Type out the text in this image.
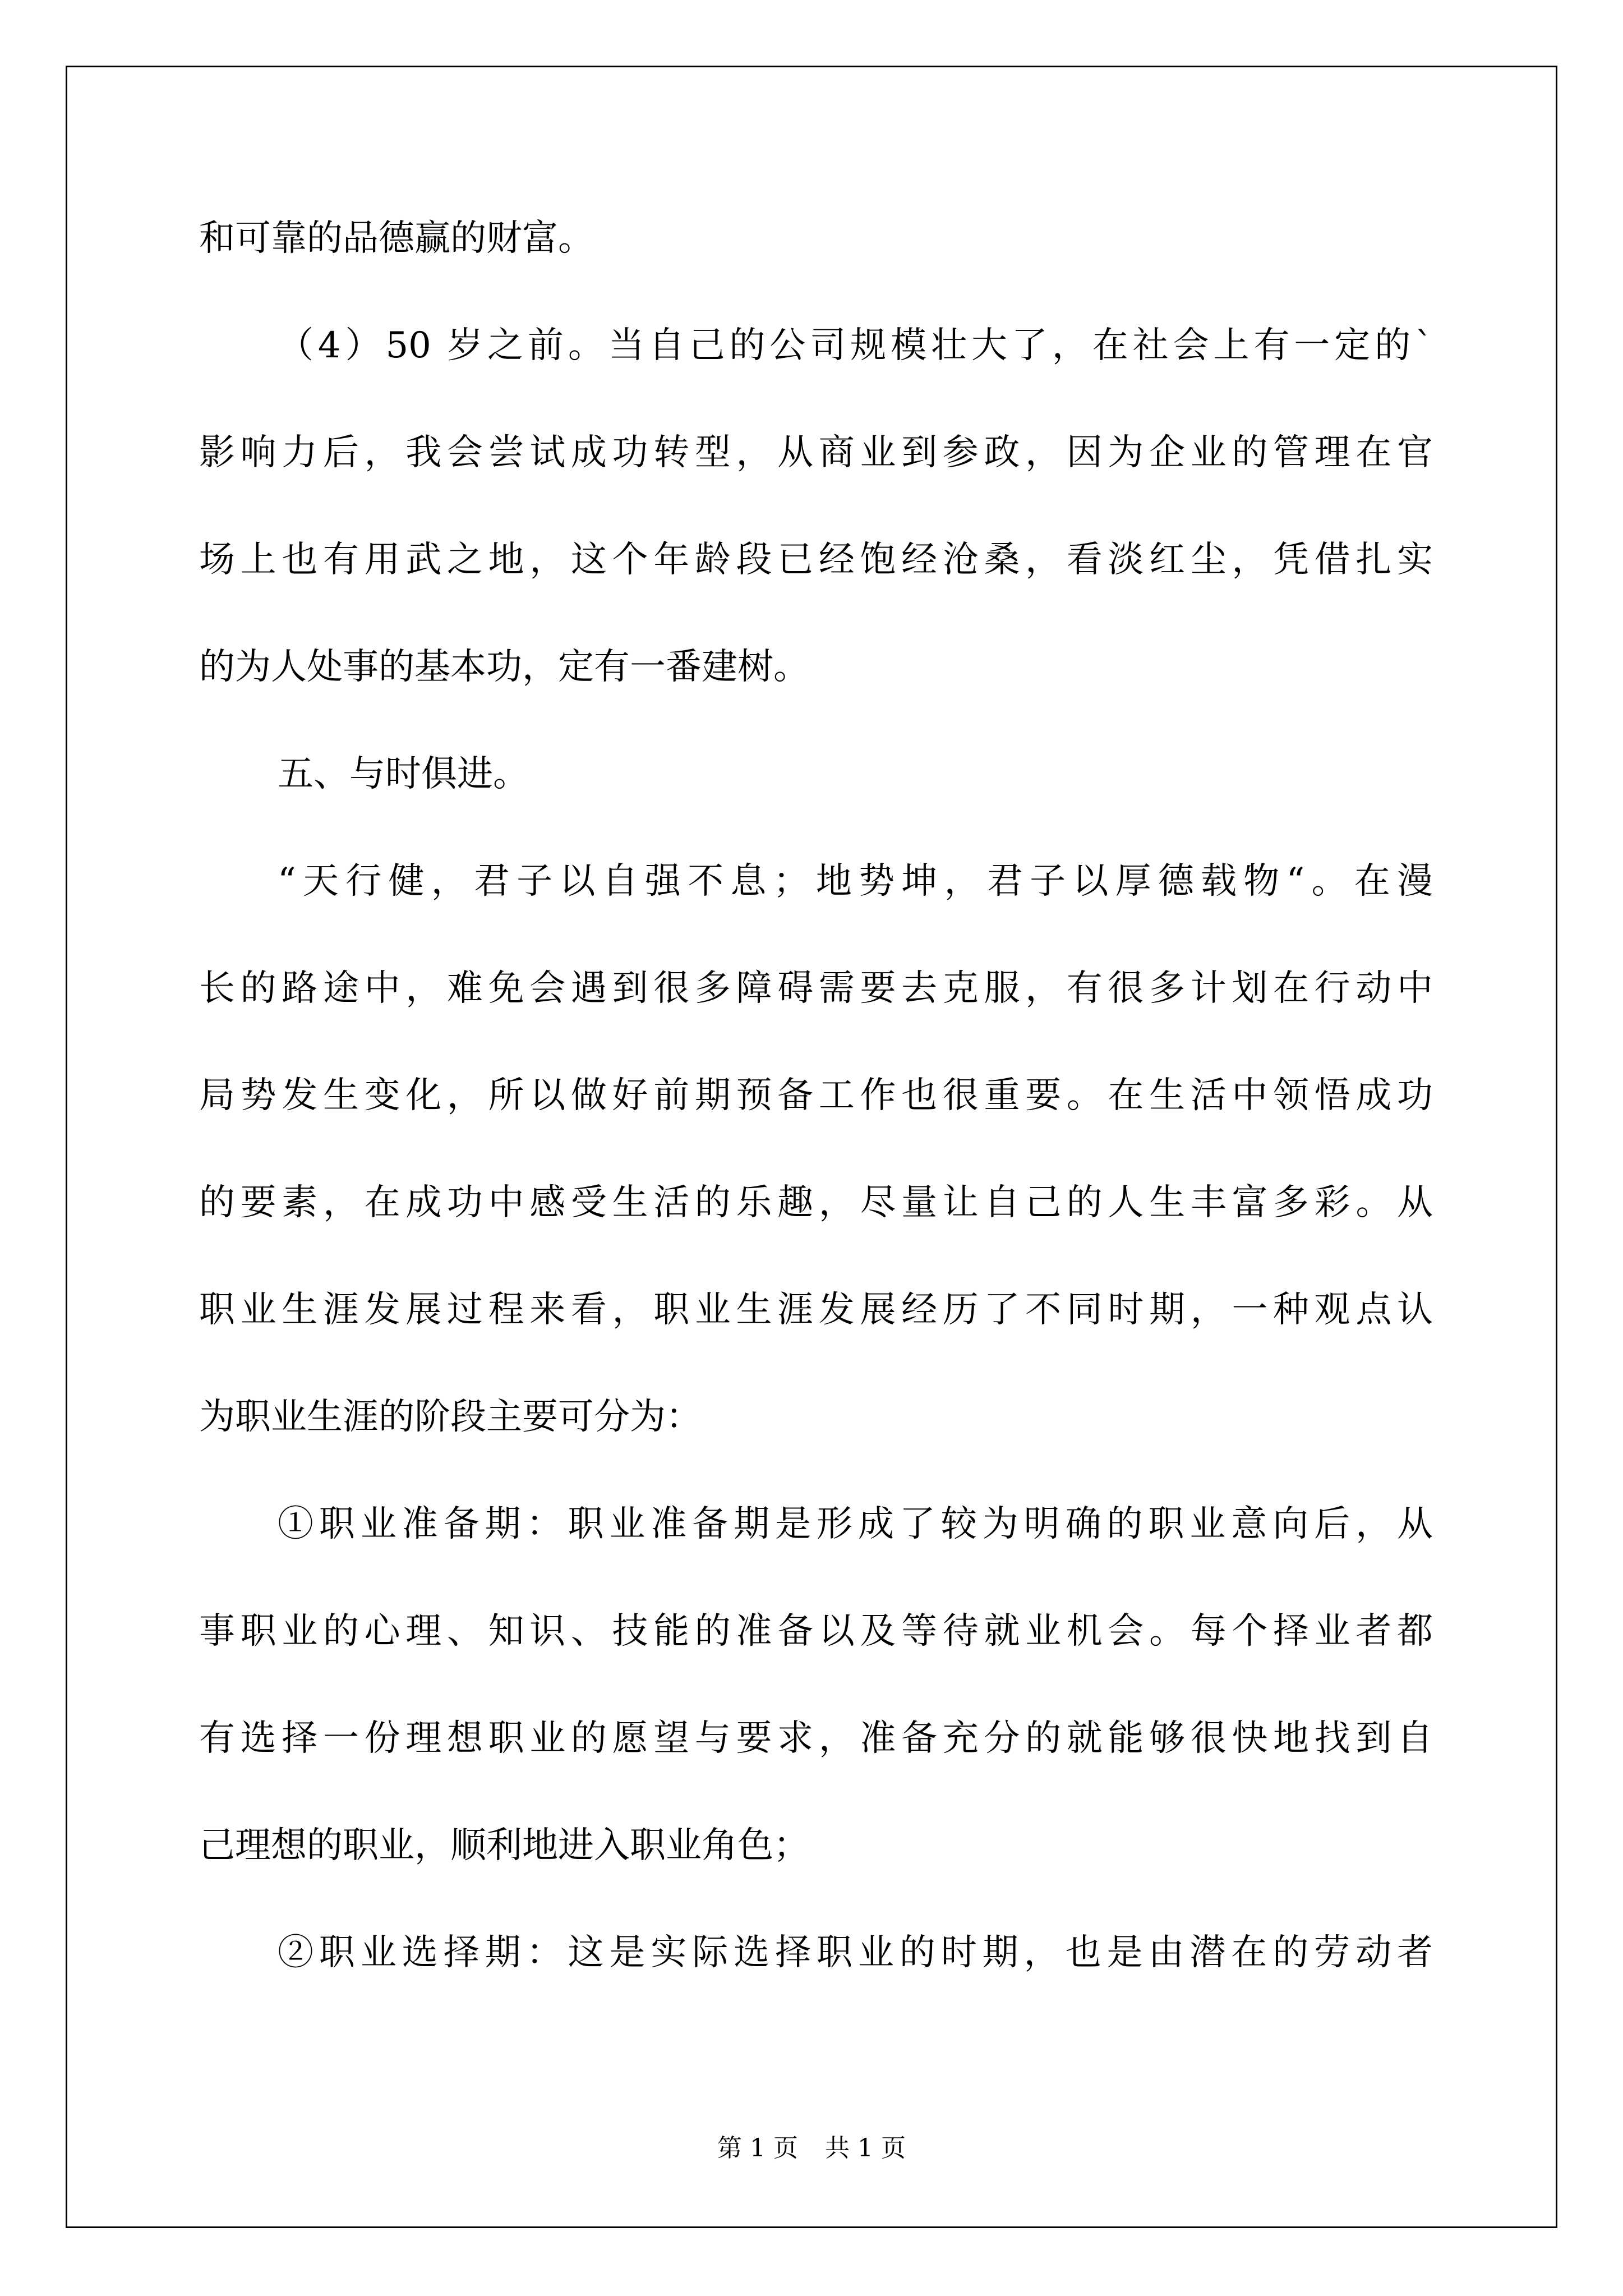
和可靠的品德赢的财富。
（4）50 岁之前。当自己的公司规模壮大了，在社会上有一定的`
影响力后，我会尝试成功转型，从商业到参政，因为企业的管理在官
场上也有用武之地，这个年龄段已经饱经沧桑，看淡红尘，凭借扎实
的为人处事的基本功，定有一番建树。
五、与时俱进。
“天行健，君子以自强不息；地势坤，君子以厚德载物“。在漫
长的路途中，难免会遇到很多障碍需要去克服，有很多计划在行动中
局势发生变化，所以做好前期预备工作也很重要。在生活中领悟成功
的要素，在成功中感受生活的乐趣，尽量让自己的人生丰富多彩。从
职业生涯发展过程来看，职业生涯发展经历了不同时期，一种观点认
为职业生涯的阶段主要可分为：
①职业准备期：职业准备期是形成了较为明确的职业意向后，从
事职业的心理、知识、技能的准备以及等待就业机会。每个择业者都
有选择一份理想职业的愿望与要求，准备充分的就能够很快地找到自
己理想的职业，顺利地进入职业角色；
②职业选择期：这是实际选择职业的时期，也是由潜在的劳动者
第 1 页 共 1 页
